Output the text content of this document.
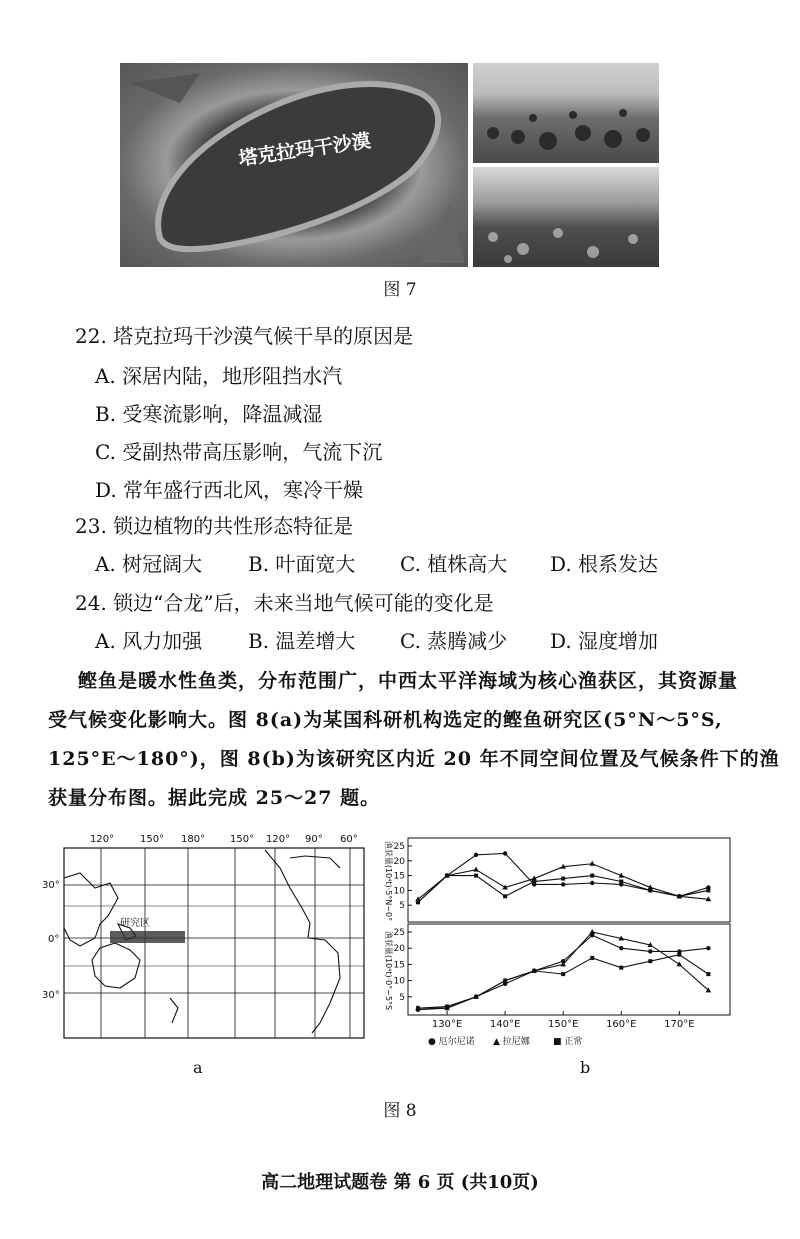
塔克拉玛干沙漠
图 7
22. 塔克拉玛干沙漠气候干旱的原因是
A. 深居内陆，地形阻挡水汽
B. 受寒流影响，降温减湿
C. 受副热带高压影响，气流下沉
D. 常年盛行西北风，寒冷干燥
23. 锁边植物的共性形态特征是
A. 树冠阔大 B. 叶面宽大 C. 植株高大 D. 根系发达
24. 锁边“合龙”后，未来当地气候可能的变化是
A. 风力加强 B. 温差增大 C. 蒸腾减少 D. 湿度增加
鲣鱼是暖水性鱼类，分布范围广，中西太平洋海域为核心渔获区，其资源量
受气候变化影响大。图 8(a)为某国科研机构选定的鲣鱼研究区(5°N～5°S,
125°E～180°)，图 8(b)为该研究区内近 20 年不同空间位置及气候条件下的渔
获量分布图。据此完成 25～27 题。
120°	150° 180° 150° 120° 90° 60°
30°
0°
30°
研究区
a
5
10
15
20
25
渔获量(10⁴t)·5°N~0°
5
10
15
20
25
渔获量(10⁴t)·0°~5°S
130°E	140°E	150°E	160°E	170°E
● 厄尔尼诺 ▲ 拉尼娜	■ 正常
b
图 8
高二地理试题卷 第 6 页 (共10页)
